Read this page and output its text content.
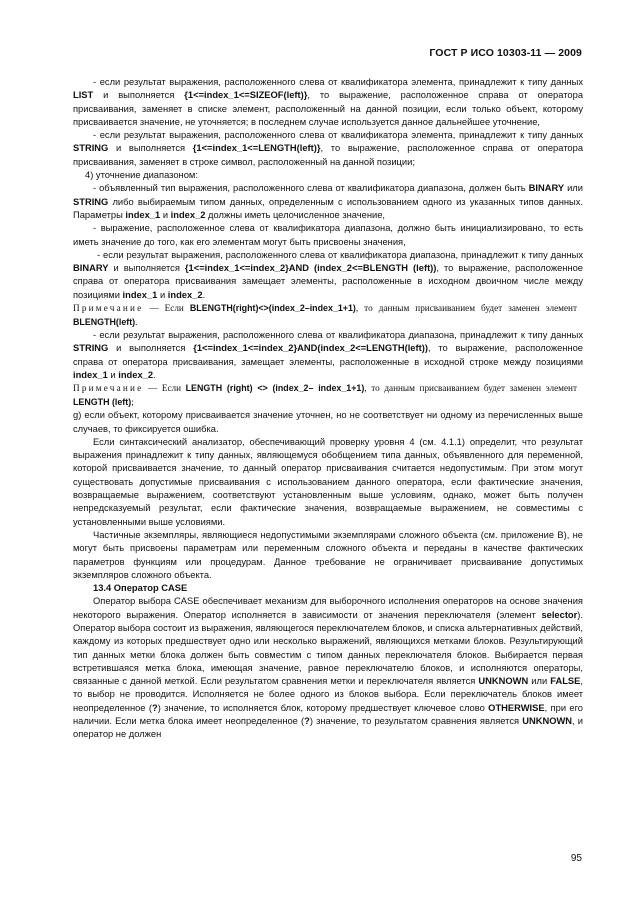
ГОСТ Р ИСО 10303-11 — 2009

- если результат выражения, расположенного слева от квалификатора элемента, принадлежит к типу данных LIST и выполняется {1<=index_1<=SIZEOF(left)}, то выражение, расположенное справа от оператора присваивания, заменяет в списке элемент, расположенный на данной позиции, если только объект, которому присваивается значение, не уточняется; в последнем случае используется данное дальнейшее уточнение,

- если результат выражения, расположенного слева от квалификатора элемента, принадлежит к типу данных STRING и выполняется {1<=index_1<=LENGTH(left)}, то выражение, расположенное справа от оператора присваивания, заменяет в строке символ, расположенный на данной позиции;

4) уточнение диапазоном:

- объявленный тип выражения, расположенного слева от квалификатора диапазона, должен быть BINARY или STRING либо выбираемым типом данных, определенным с использованием одного из указанных типов данных. Параметры index_1 и index_2 должны иметь целочисленное значение,

- выражение, расположенное слева от квалификатора диапазона, должно быть инициализировано, то есть иметь значение до того, как его элементам могут быть присвоены значения,

- если результат выражения, расположенного слева от квалификатора диапазона, принадлежит к типу данных BINARY и выполняется {1<=index_1<=index_2}AND (index_2<=BLENGTH (left)), то выражение, расположенное справа от оператора присваивания замещает элементы, расположенные в исходном двоичном числе между позициями index_1 и index_2.

Примечание — Если BLENGTH(right)<>(index_2–index_1+1), то данным присваиванием будет заменен элемент BLENGTH(left).

- если результат выражения, расположенного слева от квалификатора диапазона, принадлежит к типу данных STRING и выполняется {1<=index_1<=index_2}AND(index_2<=LENGTH(left)), то выражение, расположенное справа от оператора присваивания, замещает элементы, расположенные в исходной строке между позициями index_1 и index_2.

Примечание — Если LENGTH (right) <> (index_2– index_1+1), то данным присваиванием будет заменен элемент LENGTH (left);

g) если объект, которому присваивается значение уточнен, но не соответствует ни одному из перечисленных выше случаев, то фиксируется ошибка.

Если синтаксический анализатор, обеспечивающий проверку уровня 4 (см. 4.1.1) определит, что результат выражения принадлежит к типу данных, являющемуся обобщением типа данных, объявленного для переменной, которой присваивается значение, то данный оператор присваивания считается недопустимым. При этом могут существовать допустимые присваивания с использованием данного оператора, если фактические значения, возвращаемые выражением, соответствуют установленным выше условиям, однако, может быть получен непредсказуемый результат, если фактические значения, возвращаемые выражением, не совместимы с установленными выше условиями.

Частичные экземпляры, являющиеся недопустимыми экземплярами сложного объекта (см. приложение В), не могут быть присвоены параметрам или переменным сложного объекта и переданы в качестве фактических параметров функциям или процедурам. Данное требование не ограничивает присваивание допустимых экземпляров сложного объекта.

13.4 Оператор CASE

Оператор выбора CASE обеспечивает механизм для выборочного исполнения операторов на основе значения некоторого выражения. Оператор исполняется в зависимости от значения переключателя (элемент selector). Оператор выбора состоит из выражения, являющегося переключателем блоков, и списка альтернативных действий, каждому из которых предшествует одно или несколько выражений, являющихся метками блоков. Результирующий тип данных метки блока должен быть совместим с типом данных переключателя блоков. Выбирается первая встретившаяся метка блока, имеющая значение, равное переключателю блоков, и исполняются операторы, связанные с данной меткой. Если результатом сравнения метки и переключателя является UNKNOWN или FALSE, то выбор не проводится. Исполняется не более одного из блоков выбора. Если переключатель блоков имеет неопределенное (?) значение, то исполняется блок, которому предшествует ключевое слово OTHERWISE, при его наличии. Если метка блока имеет неопределенное (?) значение, то результатом сравнения является UNKNOWN, и оператор не должен

95
